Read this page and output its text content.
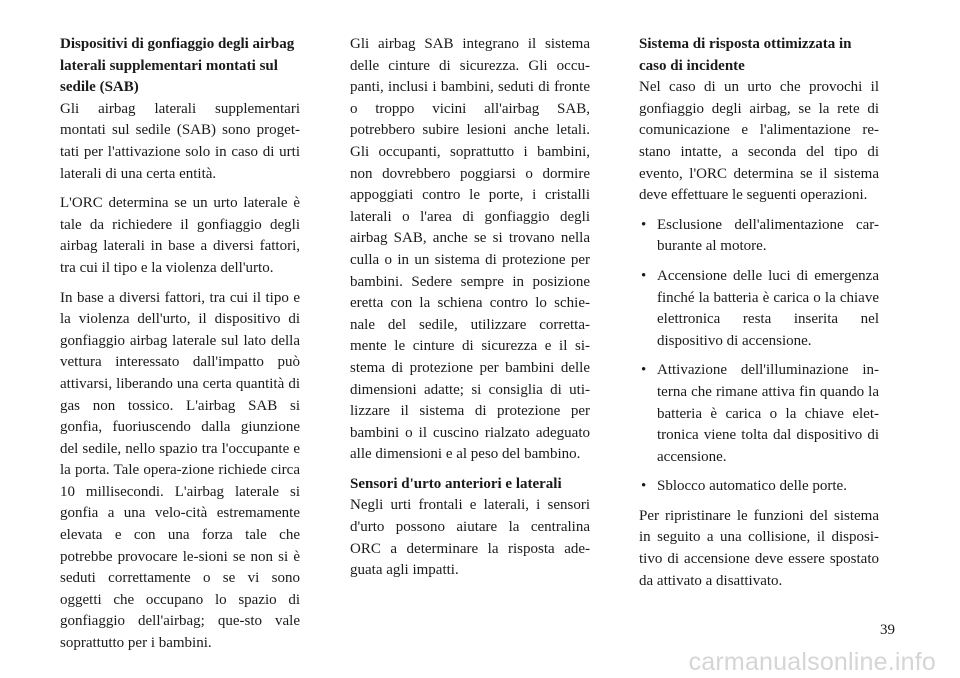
Dispositivi di gonfiaggio degli airbag laterali supplementari montati sul sedile (SAB)

Gli airbag laterali supplementari montati sul sedile (SAB) sono proget-tati per l'attivazione solo in caso di urti laterali di una certa entità.

L'ORC determina se un urto laterale è tale da richiedere il gonfiaggio degli airbag laterali in base a diversi fattori, tra cui il tipo e la violenza dell'urto.

In base a diversi fattori, tra cui il tipo e la violenza dell'urto, il dispositivo di gonfiaggio airbag laterale sul lato della vettura interessato dall'impatto può attivarsi, liberando una certa quantità di gas non tossico. L'airbag SAB si gonfia, fuoriuscendo dalla giunzione del sedile, nello spazio tra l'occupante e la porta. Tale opera-zione richiede circa 10 millisecondi. L'airbag laterale si gonfia a una velo-cità estremamente elevata e con una forza tale che potrebbe provocare le-sioni se non si è seduti correttamente o se vi sono oggetti che occupano lo spazio di gonfiaggio dell'airbag; que-sto vale soprattutto per i bambini.

Gli airbag SAB integrano il sistema delle cinture di sicurezza. Gli occu-panti, inclusi i bambini, seduti di fronte o troppo vicini all'airbag SAB, potrebbero subire lesioni anche letali. Gli occupanti, soprattutto i bambini, non dovrebbero poggiarsi o dormire appoggiati contro le porte, i cristalli laterali o l'area di gonfiaggio degli airbag SAB, anche se si trovano nella culla o in un sistema di protezione per bambini. Sedere sempre in posizione eretta con la schiena contro lo schie-nale del sedile, utilizzare corretta-mente le cinture di sicurezza e il si-stema di protezione per bambini delle dimensioni adatte; si consiglia di uti-lizzare il sistema di protezione per bambini o il cuscino rialzato adeguato alle dimensioni e al peso del bambino.

Sensori d'urto anteriori e laterali

Negli urti frontali e laterali, i sensori d'urto possono aiutare la centralina ORC a determinare la risposta ade-guata agli impatti.

Sistema di risposta ottimizzata in caso di incidente

Nel caso di un urto che provochi il gonfiaggio degli airbag, se la rete di comunicazione e l'alimentazione re-stano intatte, a seconda del tipo di evento, l'ORC determina se il sistema deve effettuare le seguenti operazioni.

• Esclusione dell'alimentazione car-burante al motore.
• Accensione delle luci di emergenza finché la batteria è carica o la chiave elettronica resta inserita nel dispositivo di accensione.
• Attivazione dell'illuminazione in-terna che rimane attiva fin quando la batteria è carica o la chiave elet-tronica viene tolta dal dispositivo di accensione.
• Sblocco automatico delle porte.

Per ripristinare le funzioni del sistema in seguito a una collisione, il disposi-tivo di accensione deve essere spostato da attivato a disattivato.

39
carmanualsonline.info
